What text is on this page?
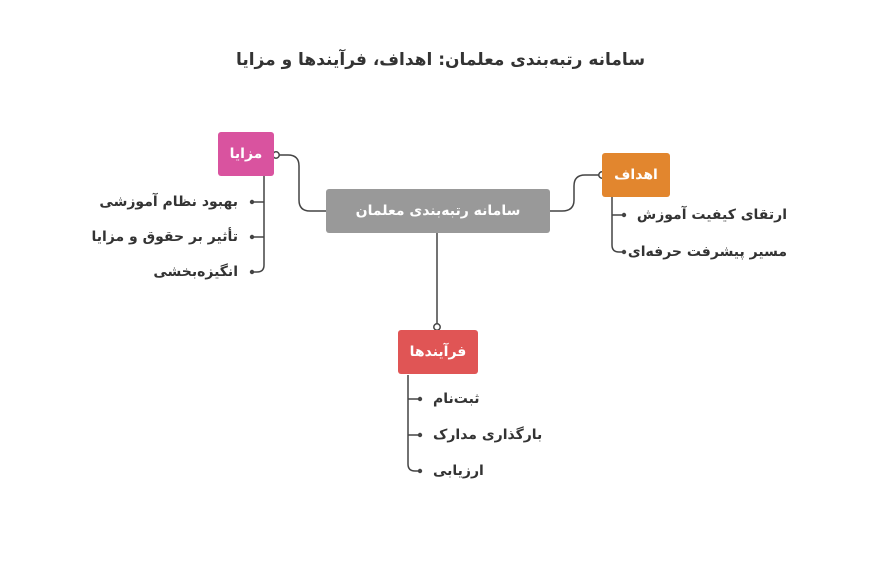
سامانه رتبه‌بندی معلمان: اهداف، فرآیندها و مزایا
سامانه رتبه‌بندی معلمان
مزایا
اهداف
فرآیندها
بهبود نظام آموزشی
تأثیر بر حقوق و مزایا
انگیزه‌بخشی
ارتقای کیفیت آموزش
مسیر پیشرفت حرفه‌ای
ثبت‌نام
بارگذاری مدارک
ارزیابی
